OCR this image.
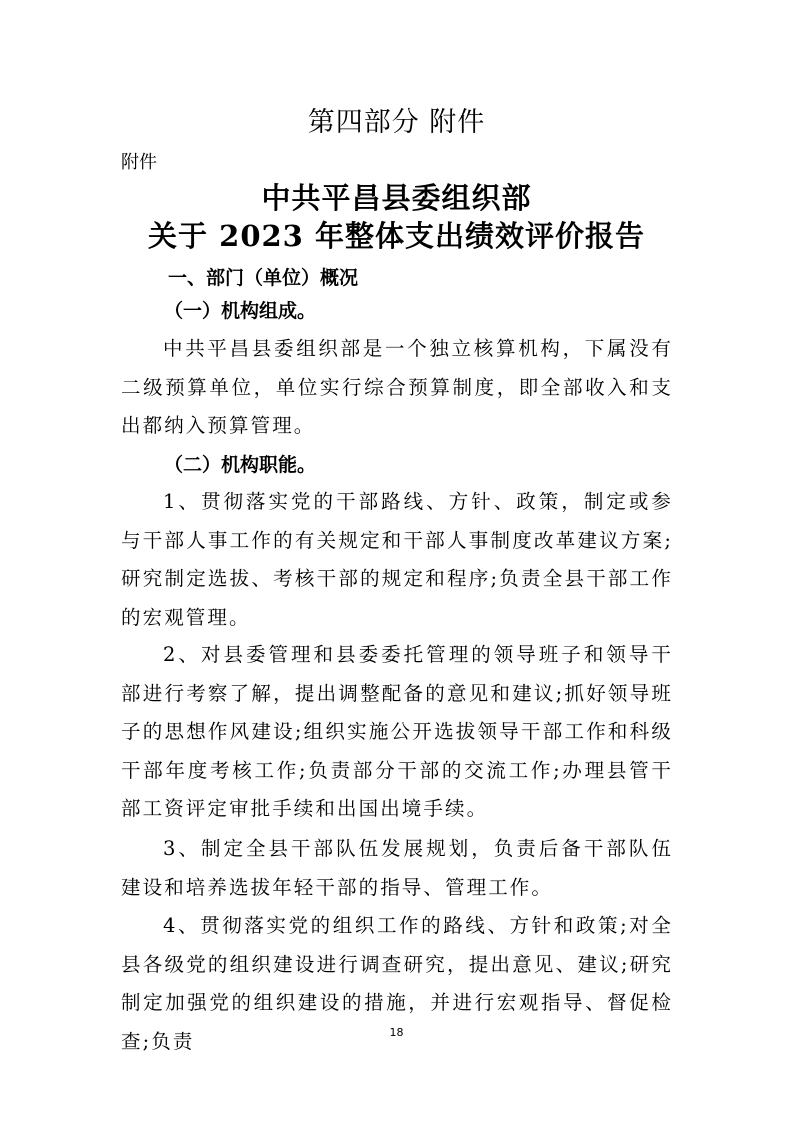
第四部分 附件
附件
中共平昌县委组织部
关于 2023 年整体支出绩效评价报告
一、部门（单位）概况
（一）机构组成。
中共平昌县委组织部是一个独立核算机构，下属没有二级预算单位，单位实行综合预算制度，即全部收入和支出都纳入预算管理。
（二）机构职能。
1、贯彻落实党的干部路线、方针、政策，制定或参与干部人事工作的有关规定和干部人事制度改革建议方案;研究制定选拔、考核干部的规定和程序;负责全县干部工作的宏观管理。
2、对县委管理和县委委托管理的领导班子和领导干部进行考察了解，提出调整配备的意见和建议;抓好领导班子的思想作风建设;组织实施公开选拔领导干部工作和科级干部年度考核工作;负责部分干部的交流工作;办理县管干部工资评定审批手续和出国出境手续。
3、制定全县干部队伍发展规划，负责后备干部队伍建设和培养选拔年轻干部的指导、管理工作。
4、贯彻落实党的组织工作的路线、方针和政策;对全县各级党的组织建设进行调查研究，提出意见、建议;研究制定加强党的组织建设的措施，并进行宏观指导、督促检查;负责	18
